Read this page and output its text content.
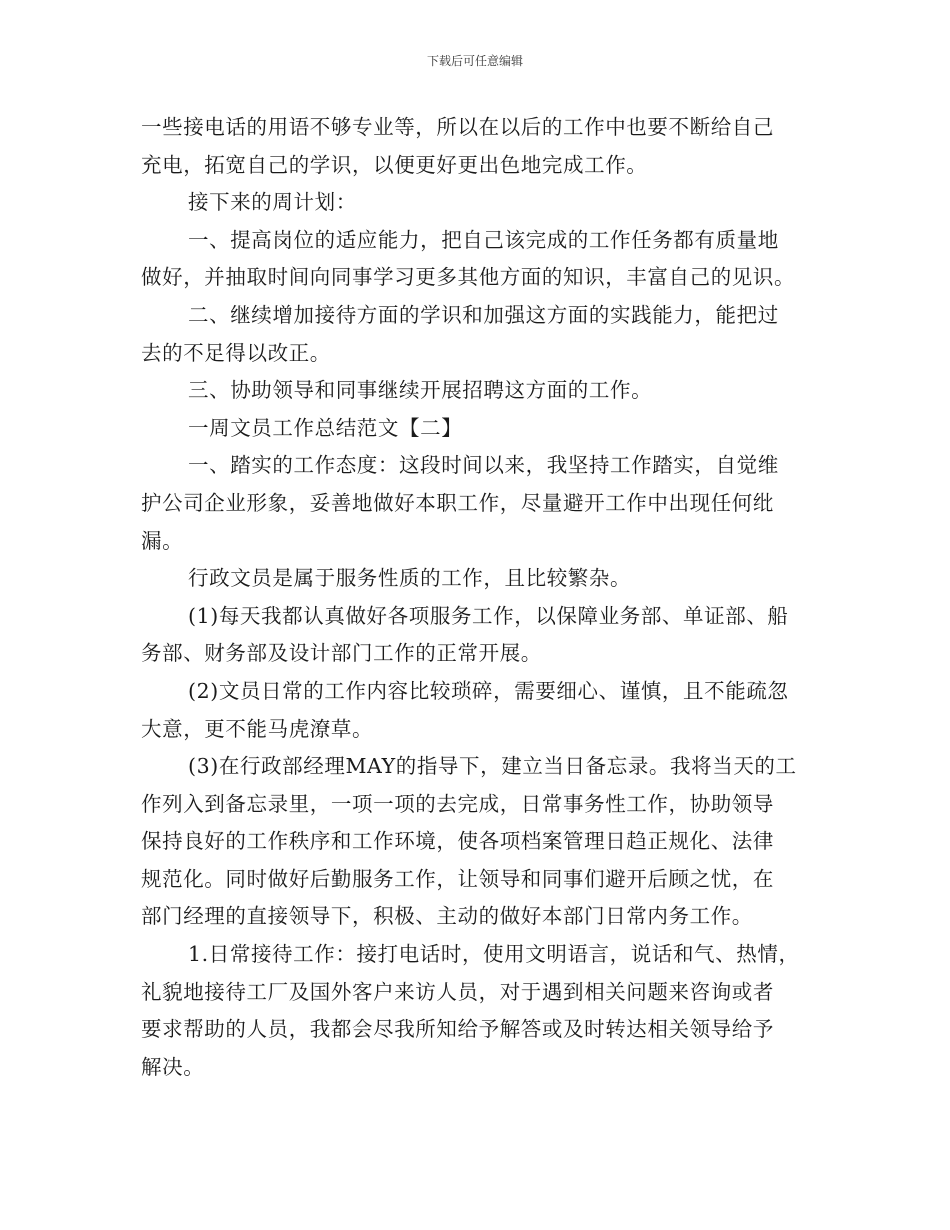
下载后可任意编辑
一些接电话的用语不够专业等，所以在以后的工作中也要不断给自己
充电，拓宽自己的学识，以便更好更出色地完成工作。
接下来的周计划：
一、提高岗位的适应能力，把自己该完成的工作任务都有质量地
做好，并抽取时间向同事学习更多其他方面的知识，丰富自己的见识。
二、继续增加接待方面的学识和加强这方面的实践能力，能把过
去的不足得以改正。
三、协助领导和同事继续开展招聘这方面的工作。
一周文员工作总结范文【二】
一、踏实的工作态度：这段时间以来，我坚持工作踏实，自觉维
护公司企业形象，妥善地做好本职工作，尽量避开工作中出现任何纰
漏。
行政文员是属于服务性质的工作，且比较繁杂。
(1)每天我都认真做好各项服务工作，以保障业务部、单证部、船
务部、财务部及设计部门工作的正常开展。
(2)文员日常的工作内容比较琐碎，需要细心、谨慎，且不能疏忽
大意，更不能马虎潦草。
(3)在行政部经理MAY的指导下，建立当日备忘录。我将当天的工
作列入到备忘录里，一项一项的去完成，日常事务性工作，协助领导
保持良好的工作秩序和工作环境，使各项档案管理日趋正规化、法律
规范化。同时做好后勤服务工作，让领导和同事们避开后顾之忧，在
部门经理的直接领导下，积极、主动的做好本部门日常内务工作。
1.日常接待工作：接打电话时，使用文明语言，说话和气、热情，
礼貌地接待工厂及国外客户来访人员，对于遇到相关问题来咨询或者
要求帮助的人员，我都会尽我所知给予解答或及时转达相关领导给予
解决。
